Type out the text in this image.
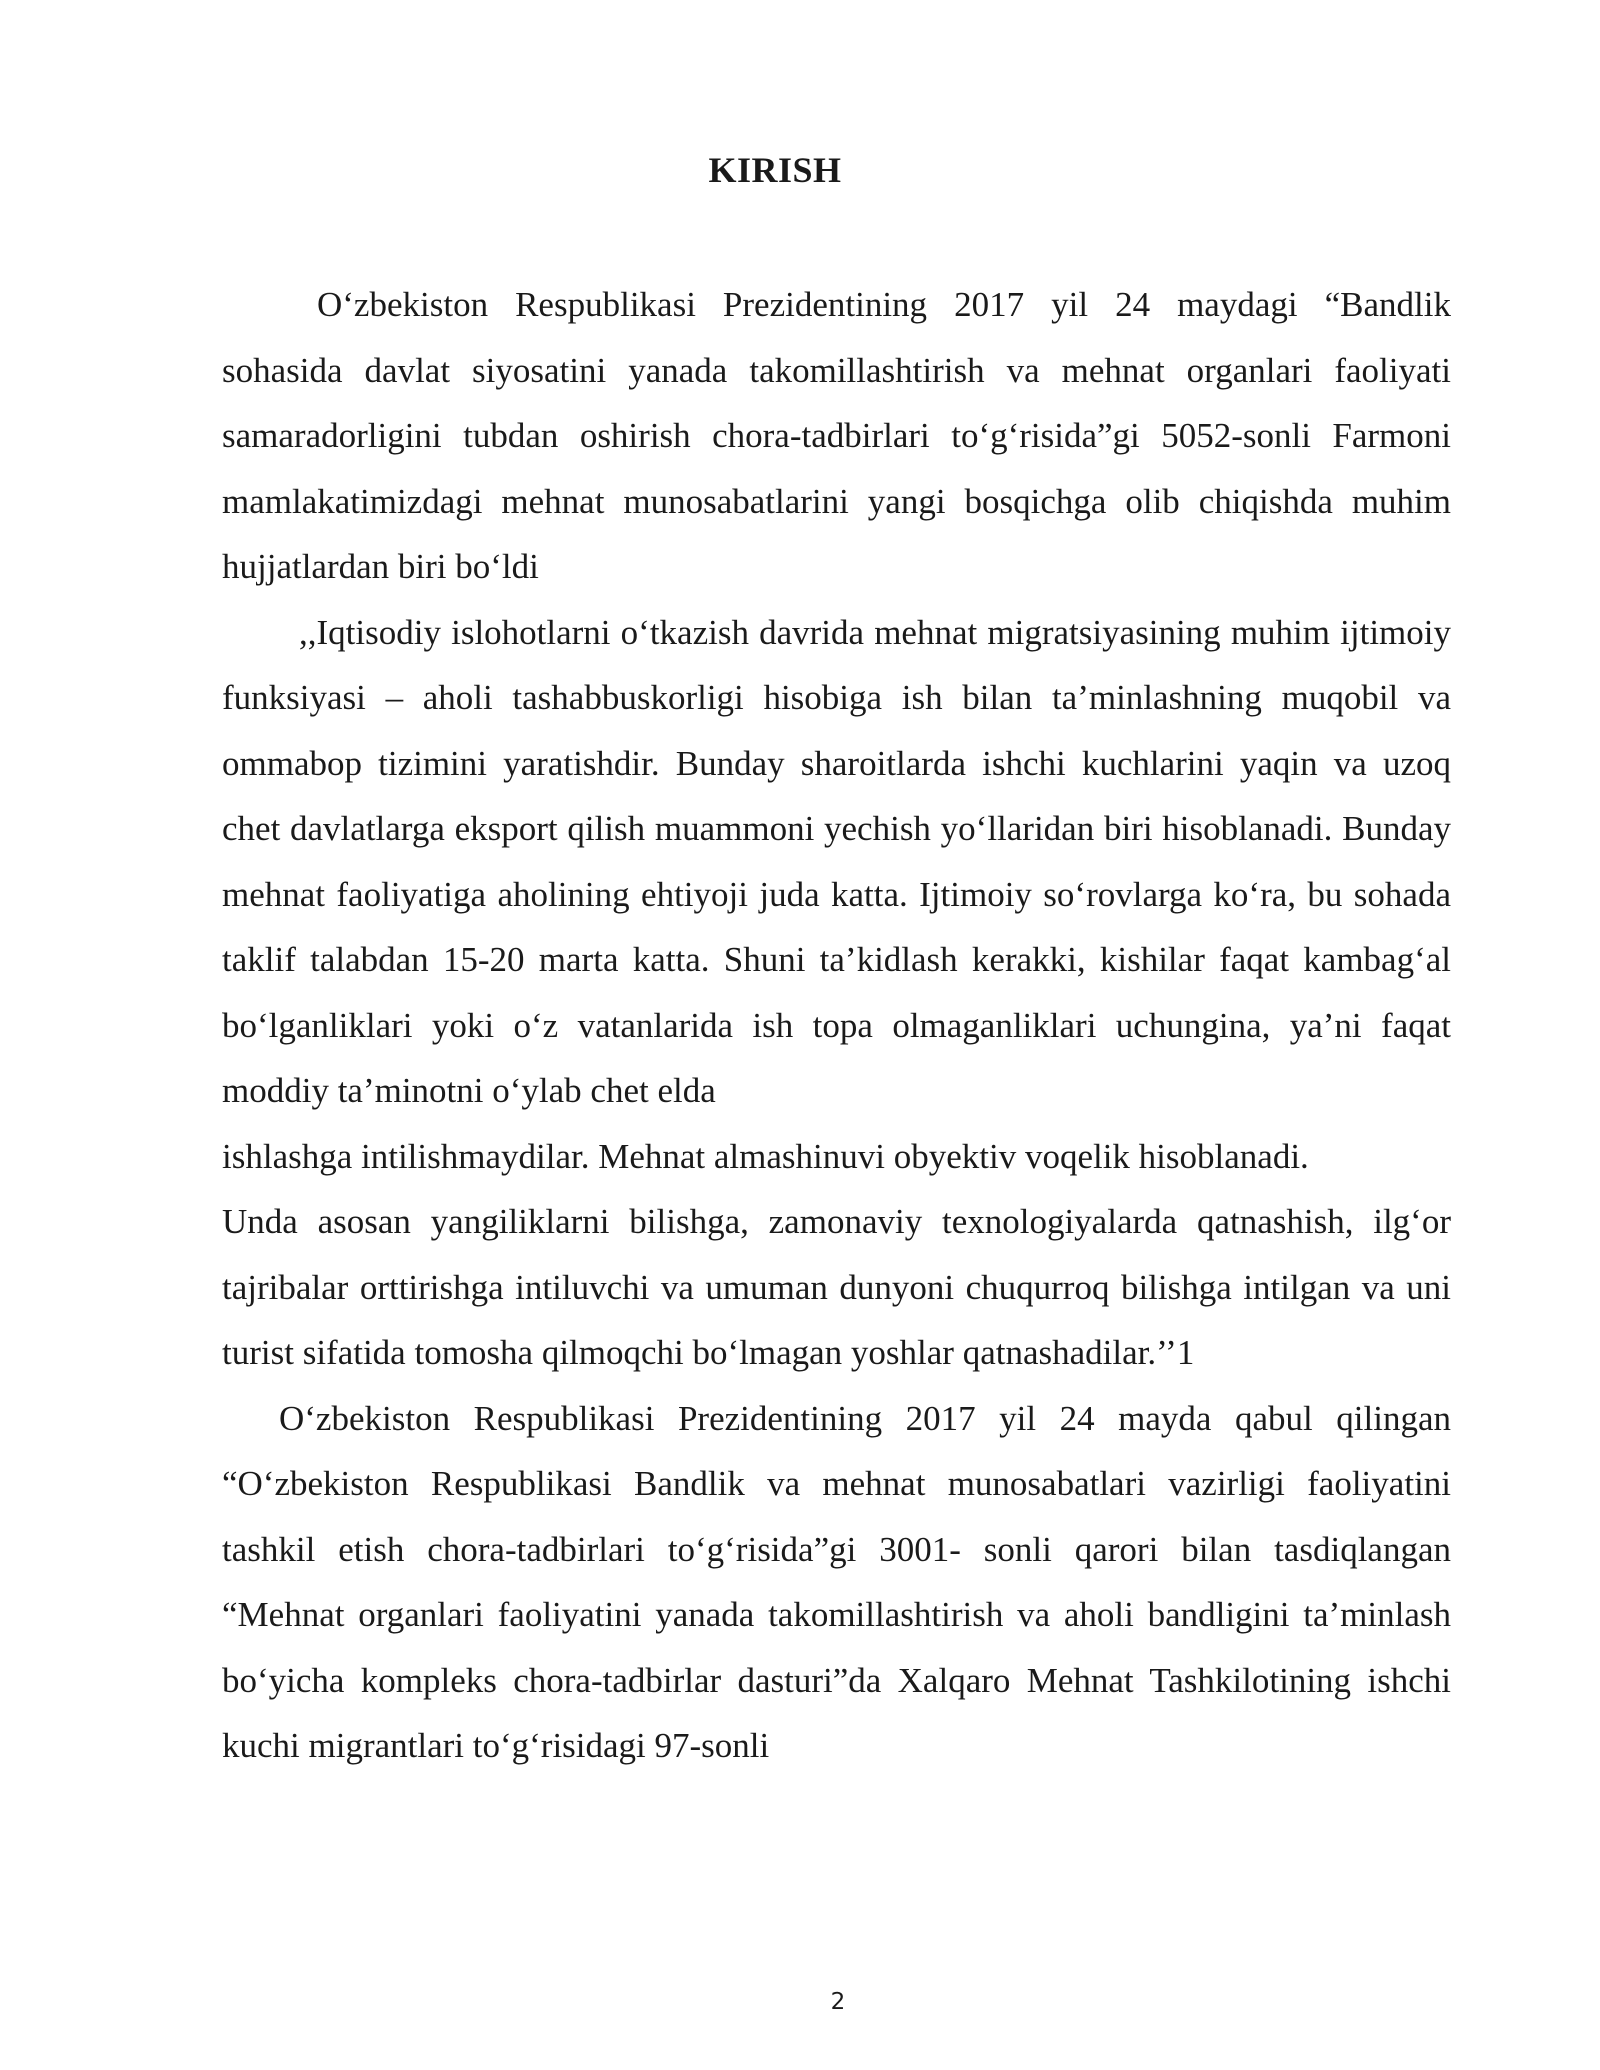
KIRISH

O‘zbekiston Respublikasi Prezidentining 2017 yil 24 maydagi “Bandlik sohasida davlat siyosatini yanada takomillashtirish va mehnat organlari faoliyati samaradorligini tubdan oshirish chora-tadbirlari to‘g‘risida”gi 5052-sonli Farmoni mamlakatimizdagi mehnat munosabatlarini yangi bosqichga olib chiqishda muhim hujjatlardan biri bo‘ldi

,,Iqtisodiy islohotlarni o‘tkazish davrida mehnat migratsiyasining muhim ijtimoiy funksiyasi – aholi tashabbuskorligi hisobiga ish bilan ta’minlashning muqobil va ommabop tizimini yaratishdir. Bunday sharoitlarda ishchi kuchlarini yaqin va uzoq chet davlatlarga eksport qilish muammoni yechish yo‘llaridan biri hisoblanadi. Bunday mehnat faoliyatiga aholining ehtiyoji juda katta. Ijtimoiy so‘rovlarga ko‘ra, bu sohada taklif talabdan 15-20 marta katta. Shuni ta’kidlash kerakki, kishilar faqat kambag‘al bo‘lganliklari yoki o‘z vatanlarida ish topa olmaganliklari uchungina, ya’ni faqat moddiy ta’minotni o‘ylab chet elda

ishlashga intilishmaydilar. Mehnat almashinuvi obyektiv voqelik hisoblanadi.

Unda asosan yangiliklarni bilishga, zamonaviy texnologiyalarda qatnashish, ilg‘or tajribalar orttirishga intiluvchi va umuman dunyoni chuqurroq bilishga intilgan va uni turist sifatida tomosha qilmoqchi bo‘lmagan yoshlar qatnashadilar.’’1

O‘zbekiston Respublikasi Prezidentining 2017 yil 24 mayda qabul qilingan “O‘zbekiston Respublikasi Bandlik va mehnat munosabatlari vazirligi faoliyatini tashkil etish chora-tadbirlari to‘g‘risida”gi 3001- sonli qarori bilan tasdiqlangan “Mehnat organlari faoliyatini yanada takomillashtirish va aholi bandligini ta’minlash bo‘yicha kompleks chora-tadbirlar dasturi”da Xalqaro Mehnat Tashkilotining ishchi kuchi migrantlari to‘g‘risidagi 97-sonli

2
